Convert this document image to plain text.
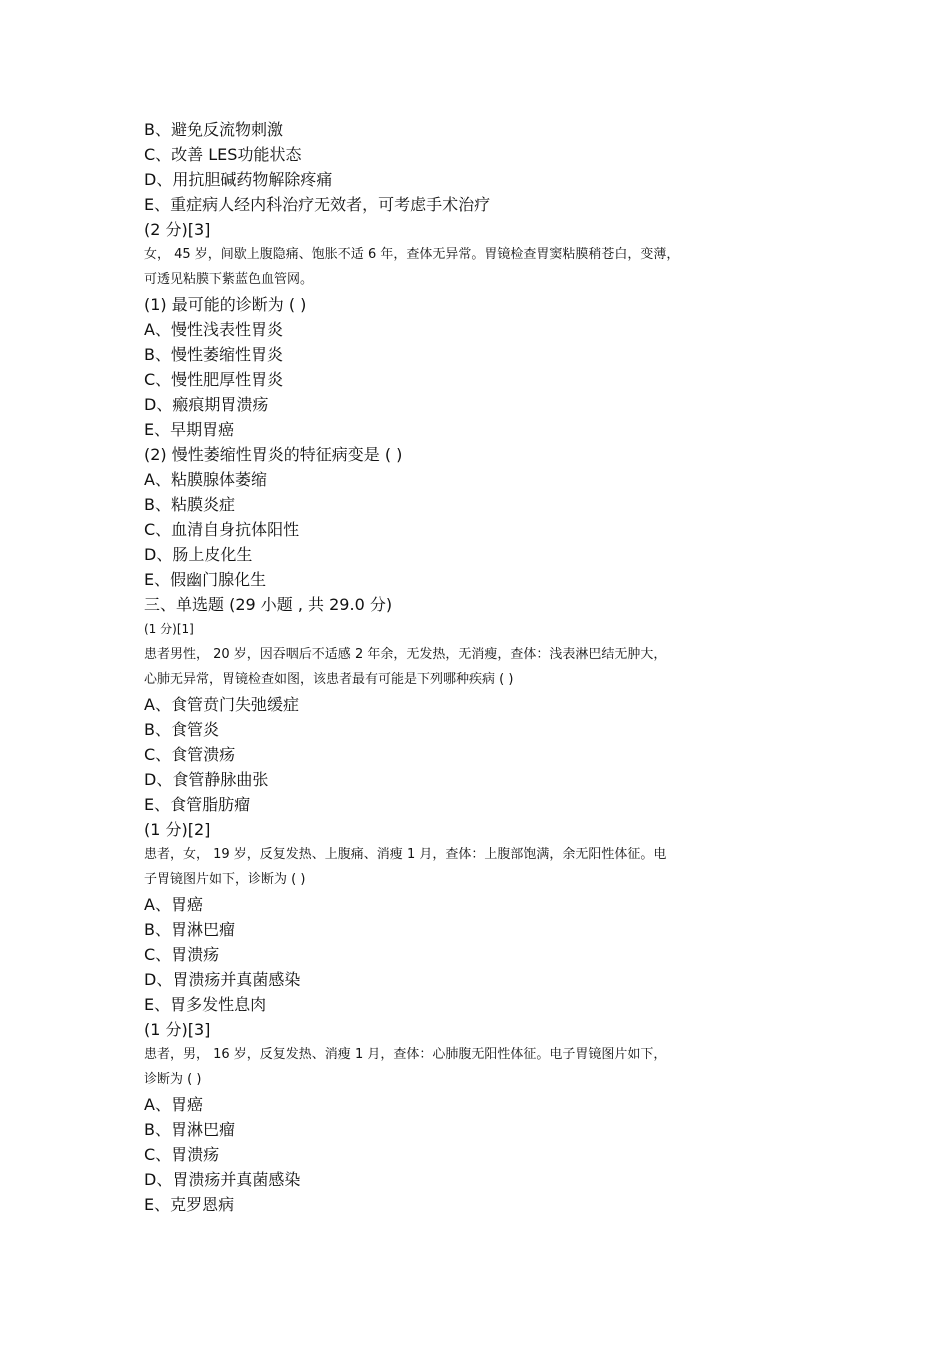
B、避免反流物刺激
C、改善 LES功能状态
D、用抗胆碱药物解除疼痛
E、重症病人经内科治疗无效者，可考虑手术治疗
(2 分)[3]
女， 45 岁，间歇上腹隐痛、饱胀不适 6 年，查体无异常。胃镜检查胃窦粘膜稍苍白，变薄，
可透见粘膜下紫蓝色血管网。
(1) 最可能的诊断为 ( )
A、慢性浅表性胃炎
B、慢性萎缩性胃炎
C、慢性肥厚性胃炎
D、瘢痕期胃溃疡
E、早期胃癌
(2) 慢性萎缩性胃炎的特征病变是 ( )
A、粘膜腺体萎缩
B、粘膜炎症
C、血清自身抗体阳性
D、肠上皮化生
E、假幽门腺化生
三、单选题 (29 小题 , 共 29.0 分)
(1 分)[1]
患者男性， 20 岁，因吞咽后不适感 2 年余，无发热，无消瘦，查体：浅表淋巴结无肿大，
心肺无异常，胃镜检查如图，该患者最有可能是下列哪种疾病 ( )
A、食管贲门失弛缓症
B、食管炎
C、食管溃疡
D、食管静脉曲张
E、食管脂肪瘤
(1 分)[2]
患者，女， 19 岁，反复发热、上腹痛、消瘦 1 月，查体：上腹部饱满，余无阳性体征。电
子胃镜图片如下，诊断为 ( )
A、胃癌
B、胃淋巴瘤
C、胃溃疡
D、胃溃疡并真菌感染
E、胃多发性息肉
(1 分)[3]
患者，男， 16 岁，反复发热、消瘦 1 月，查体：心肺腹无阳性体征。电子胃镜图片如下，
诊断为 ( )
A、胃癌
B、胃淋巴瘤
C、胃溃疡
D、胃溃疡并真菌感染
E、克罗恩病
